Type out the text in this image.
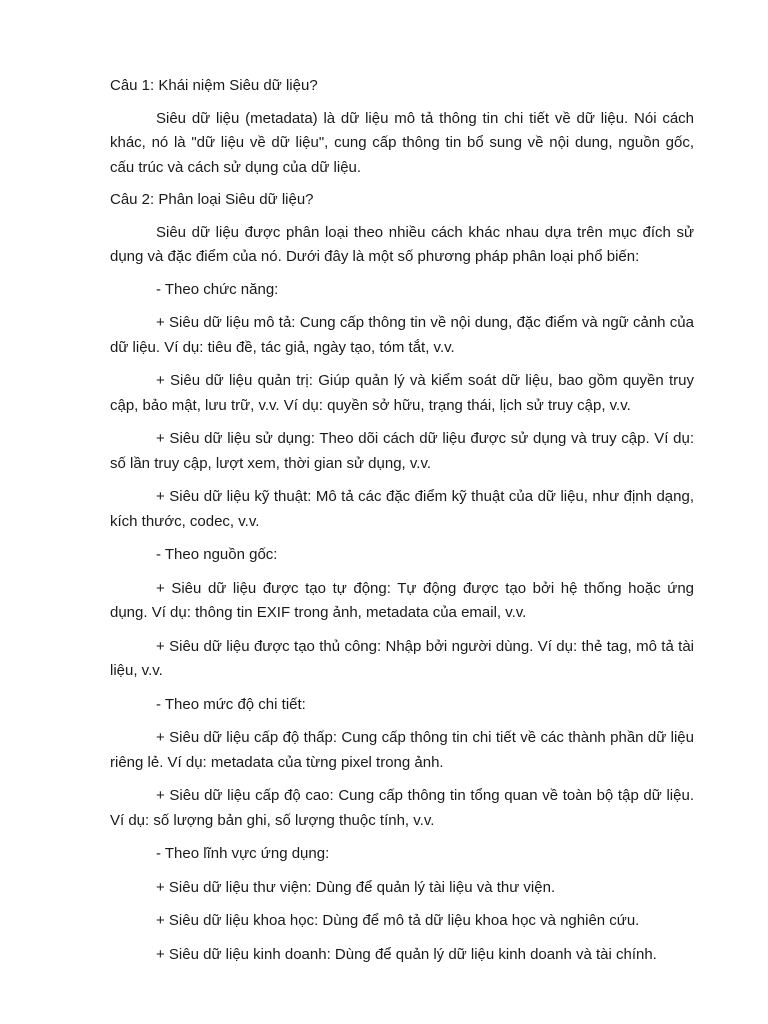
Câu 1: Khái niệm Siêu dữ liệu?

Siêu dữ liệu (metadata) là dữ liệu mô tả thông tin chi tiết về dữ liệu. Nói cách khác, nó là "dữ liệu về dữ liệu", cung cấp thông tin bổ sung về nội dung, nguồn gốc, cấu trúc và cách sử dụng của dữ liệu.

Câu 2: Phân loại Siêu dữ liệu?

Siêu dữ liệu được phân loại theo nhiều cách khác nhau dựa trên mục đích sử dụng và đặc điểm của nó. Dưới đây là một số phương pháp phân loại phổ biến:

- Theo chức năng:

+ Siêu dữ liệu mô tả: Cung cấp thông tin về nội dung, đặc điểm và ngữ cảnh của dữ liệu. Ví dụ: tiêu đề, tác giả, ngày tạo, tóm tắt, v.v.

+ Siêu dữ liệu quản trị: Giúp quản lý và kiểm soát dữ liệu, bao gồm quyền truy cập, bảo mật, lưu trữ, v.v. Ví dụ: quyền sở hữu, trạng thái, lịch sử truy cập, v.v.

+ Siêu dữ liệu sử dụng: Theo dõi cách dữ liệu được sử dụng và truy cập. Ví dụ: số lần truy cập, lượt xem, thời gian sử dụng, v.v.

+ Siêu dữ liệu kỹ thuật: Mô tả các đặc điểm kỹ thuật của dữ liệu, như định dạng, kích thước, codec, v.v.

- Theo nguồn gốc:

+ Siêu dữ liệu được tạo tự động: Tự động được tạo bởi hệ thống hoặc ứng dụng. Ví dụ: thông tin EXIF trong ảnh, metadata của email, v.v.

+ Siêu dữ liệu được tạo thủ công: Nhập bởi người dùng. Ví dụ: thẻ tag, mô tả tài liệu, v.v.

- Theo mức độ chi tiết:

+ Siêu dữ liệu cấp độ thấp: Cung cấp thông tin chi tiết về các thành phần dữ liệu riêng lẻ. Ví dụ: metadata của từng pixel trong ảnh.

+ Siêu dữ liệu cấp độ cao: Cung cấp thông tin tổng quan về toàn bộ tập dữ liệu. Ví dụ: số lượng bản ghi, số lượng thuộc tính, v.v.

- Theo lĩnh vực ứng dụng:

+ Siêu dữ liệu thư viện: Dùng để quản lý tài liệu và thư viện.

+ Siêu dữ liệu khoa học: Dùng để mô tả dữ liệu khoa học và nghiên cứu.

+ Siêu dữ liệu kinh doanh: Dùng để quản lý dữ liệu kinh doanh và tài chính.
